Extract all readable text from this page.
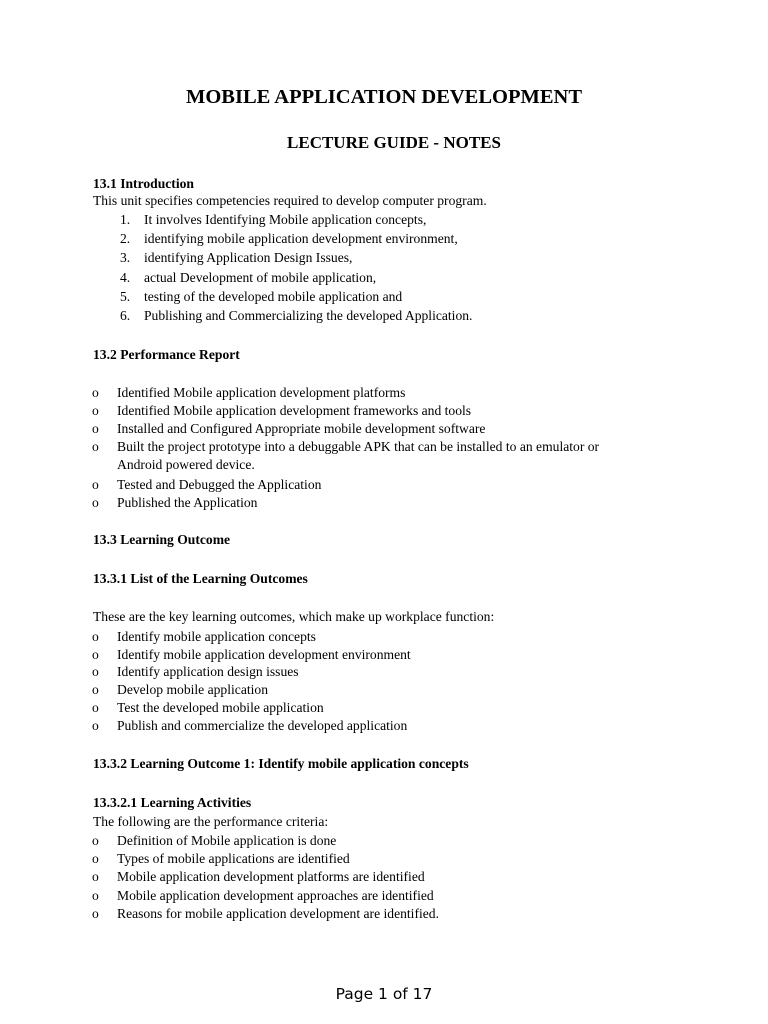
MOBILE APPLICATION DEVELOPMENT
LECTURE GUIDE - NOTES
13.1 Introduction
This unit specifies competencies required to develop computer program.
1. It involves Identifying Mobile application concepts,
2. identifying mobile application development environment,
3. identifying Application Design Issues,
4. actual Development of mobile application,
5. testing of the developed mobile application and
6. Publishing and Commercializing the developed Application.
13.2 Performance Report
o Identified Mobile application development platforms
o Identified Mobile application development frameworks and tools
o Installed and Configured Appropriate mobile development software
o Built the project prototype into a debuggable APK that can be installed to an emulator or
Android powered device.
o Tested and Debugged the Application
o Published the Application
13.3 Learning Outcome
13.3.1 List of the Learning Outcomes
These are the key learning outcomes, which make up workplace function:
o Identify mobile application concepts
o Identify mobile application development environment
o Identify application design issues
o Develop mobile application
o Test the developed mobile application
o Publish and commercialize the developed application
13.3.2 Learning Outcome 1: Identify mobile application concepts
13.3.2.1 Learning Activities
The following are the performance criteria:
o Definition of Mobile application is done
o Types of mobile applications are identified
o Mobile application development platforms are identified
o Mobile application development approaches are identified
o Reasons for mobile application development are identified.
Page 1 of 17
